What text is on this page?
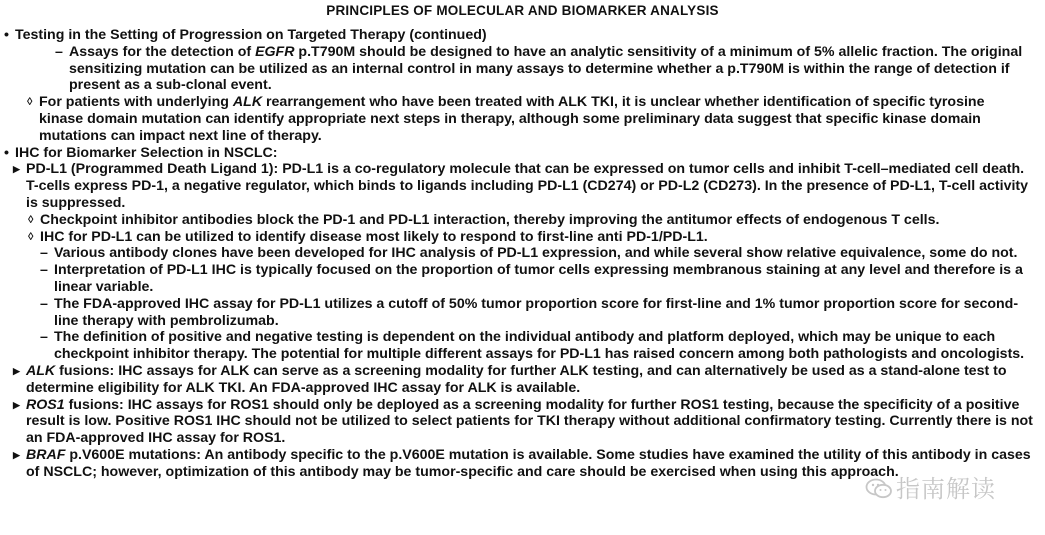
PRINCIPLES OF MOLECULAR AND BIOMARKER ANALYSIS
• Testing in the Setting of Progression on Targeted Therapy (continued)
– Assays for the detection of EGFR p.T790M should be designed to have an analytic sensitivity of a minimum of 5% allelic fraction. The original sensitizing mutation can be utilized as an internal control in many assays to determine whether a p.T790M is within the range of detection if present as a sub-clonal event.
◊ For patients with underlying ALK rearrangement who have been treated with ALK TKI, it is unclear whether identification of specific tyrosine kinase domain mutation can identify appropriate next steps in therapy, although some preliminary data suggest that specific kinase domain mutations can impact next line of therapy.
• IHC for Biomarker Selection in NSCLC:
▶ PD-L1 (Programmed Death Ligand 1): PD-L1 is a co-regulatory molecule that can be expressed on tumor cells and inhibit T-cell–mediated cell death. T-cells express PD-1, a negative regulator, which binds to ligands including PD-L1 (CD274) or PD-L2 (CD273). In the presence of PD-L1, T-cell activity is suppressed.
◊ Checkpoint inhibitor antibodies block the PD-1 and PD-L1 interaction, thereby improving the antitumor effects of endogenous T cells.
◊ IHC for PD-L1 can be utilized to identify disease most likely to respond to first-line anti PD-1/PD-L1.
– Various antibody clones have been developed for IHC analysis of PD-L1 expression, and while several show relative equivalence, some do not.
– Interpretation of PD-L1 IHC is typically focused on the proportion of tumor cells expressing membranous staining at any level and therefore is a linear variable.
– The FDA-approved IHC assay for PD-L1 utilizes a cutoff of 50% tumor proportion score for first-line and 1% tumor proportion score for second-line therapy with pembrolizumab.
– The definition of positive and negative testing is dependent on the individual antibody and platform deployed, which may be unique to each checkpoint inhibitor therapy. The potential for multiple different assays for PD-L1 has raised concern among both pathologists and oncologists.
▶ ALK fusions: IHC assays for ALK can serve as a screening modality for further ALK testing, and can alternatively be used as a stand-alone test to determine eligibility for ALK TKI. An FDA-approved IHC assay for ALK is available.
▶ ROS1 fusions: IHC assays for ROS1 should only be deployed as a screening modality for further ROS1 testing, because the specificity of a positive result is low. Positive ROS1 IHC should not be utilized to select patients for TKI therapy without additional confirmatory testing. Currently there is not an FDA-approved IHC assay for ROS1.
▶ BRAF p.V600E mutations: An antibody specific to the p.V600E mutation is available. Some studies have examined the utility of this antibody in cases of NSCLC; however, optimization of this antibody may be tumor-specific and care should be exercised when using this approach.
指南解读
